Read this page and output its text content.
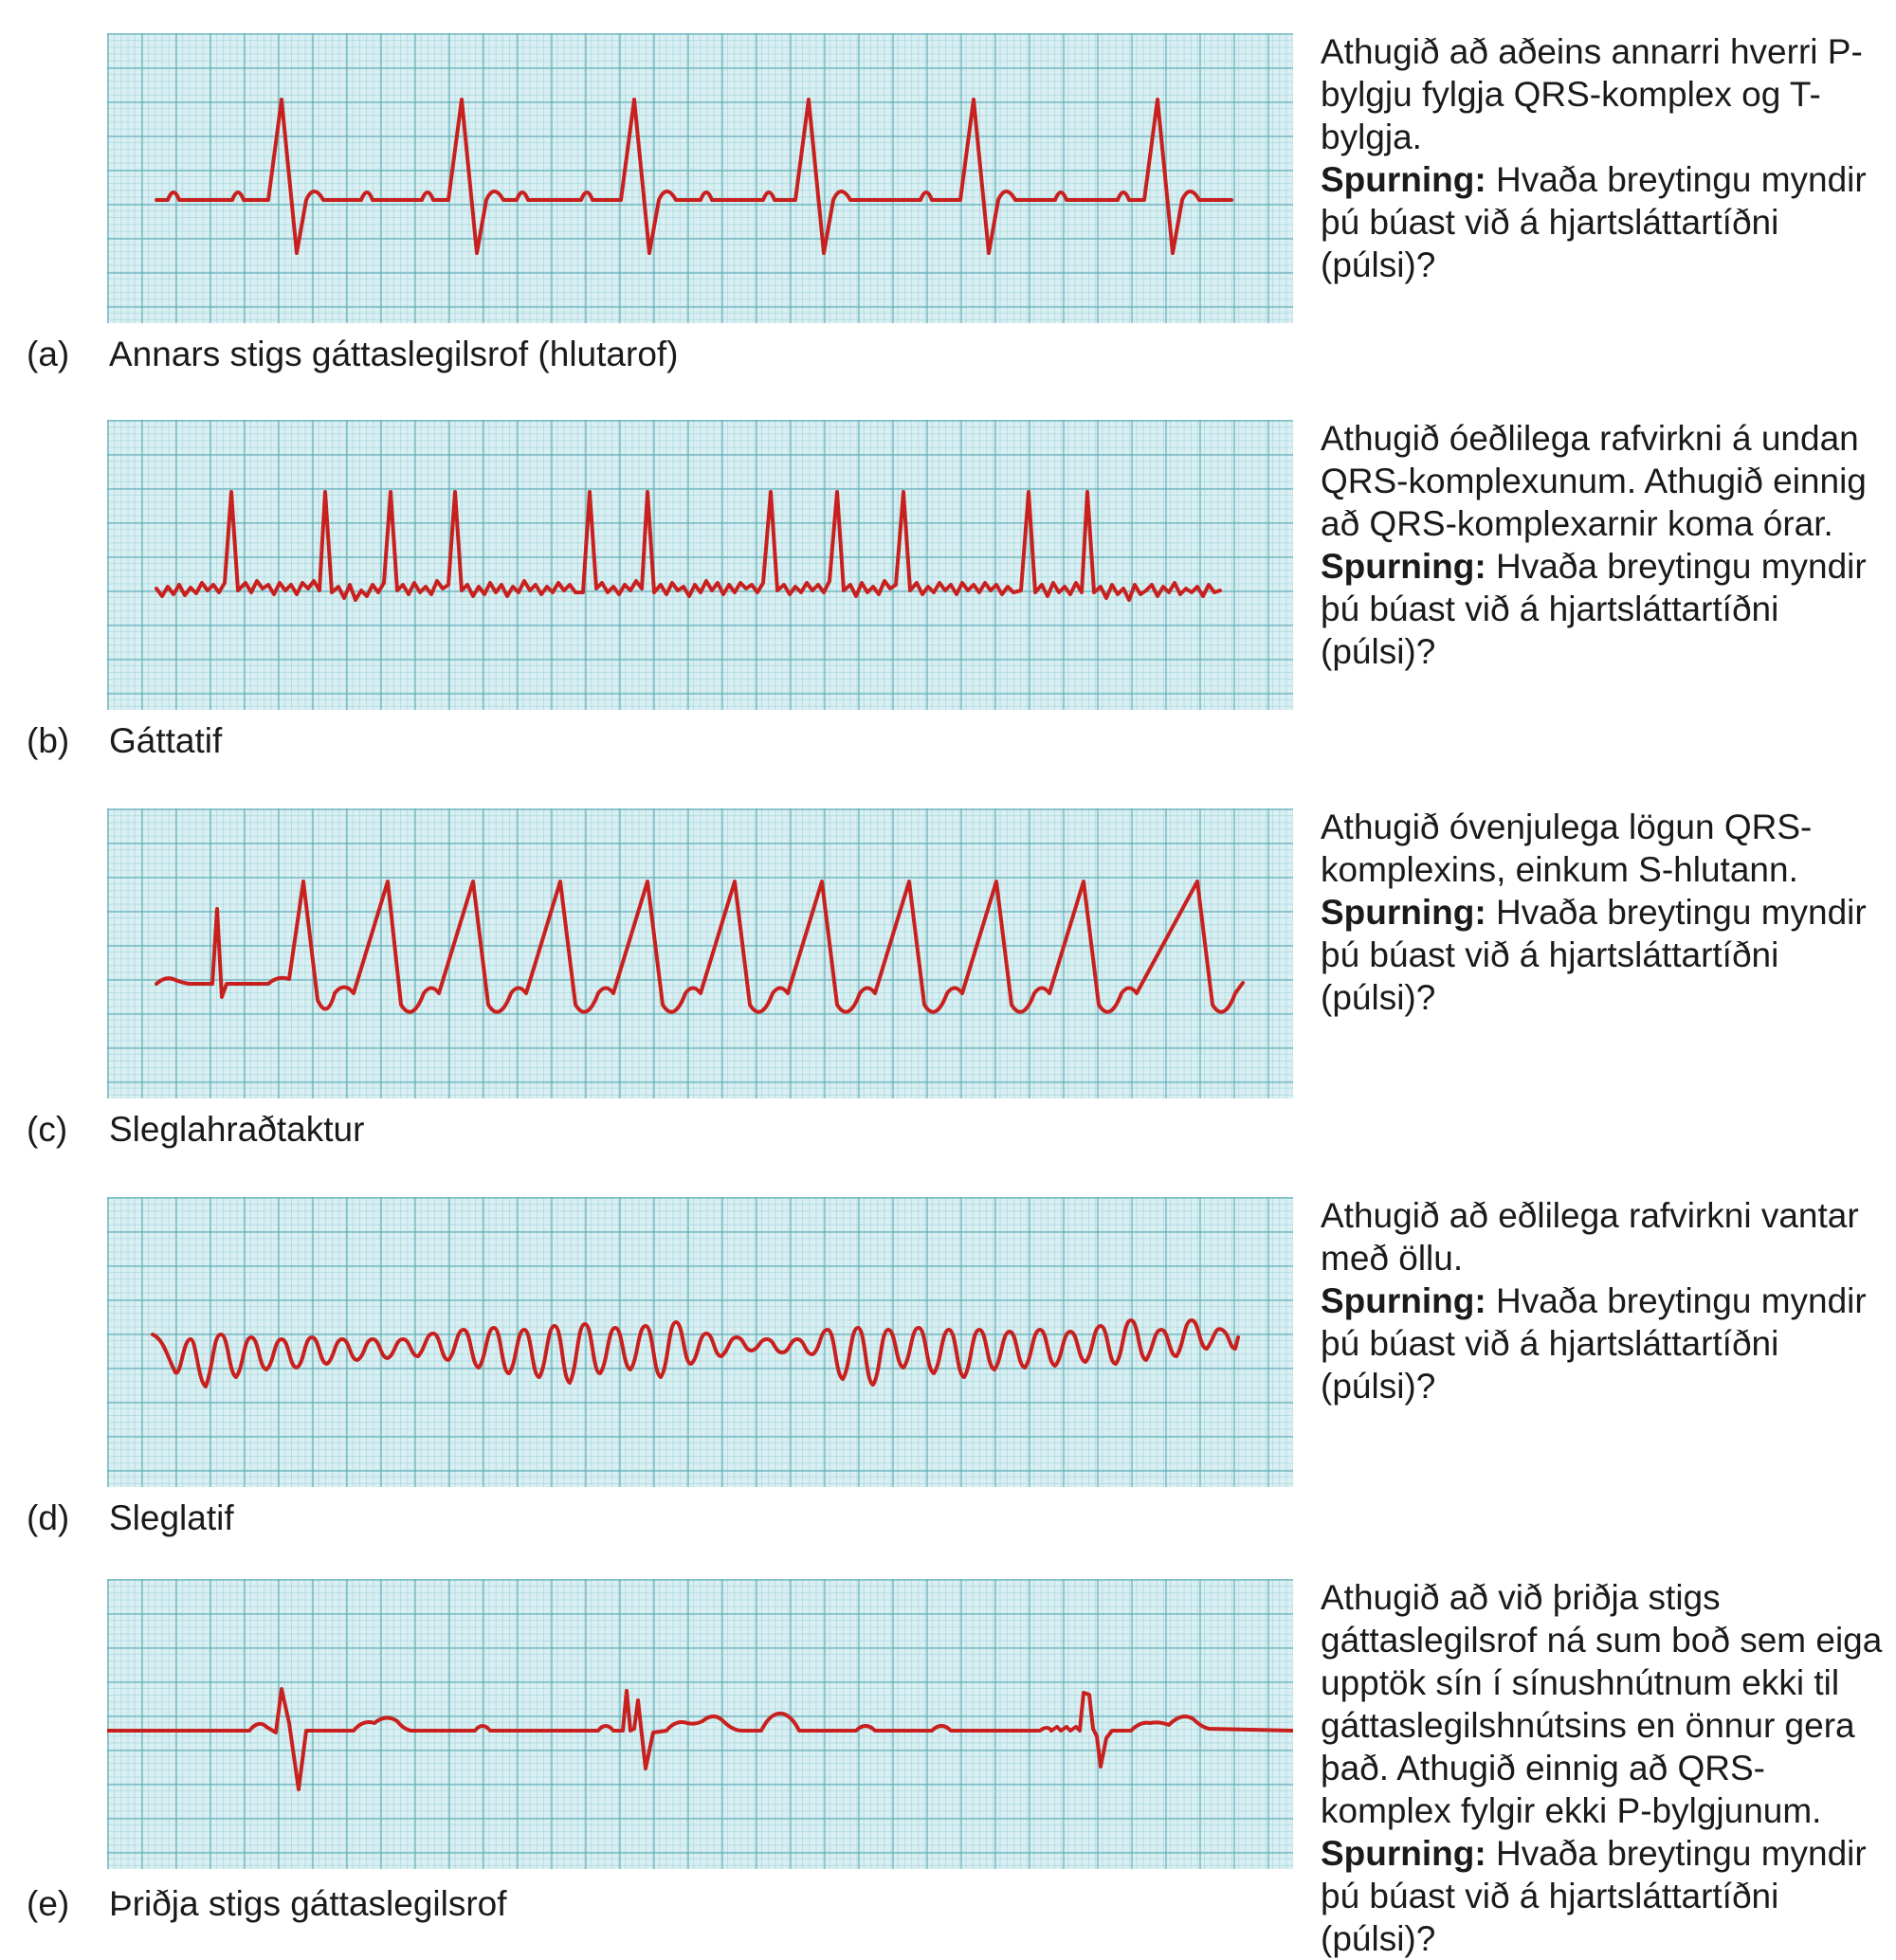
(a) Annars stigs gáttaslegilsrof (hlutarof)
Athugið að aðeins annarri hverri P-bylgju fylgja QRS-komplex og T-bylgja.
Spurning: Hvaða breytingu myndir þú búast við á hjartsláttartíðni (púlsi)?
(b) Gáttatif
Athugið óeðlilega rafvirkni á undan QRS-komplexunum. Athugið einnig að QRS-komplexarnir koma órar.
Spurning: Hvaða breytingu myndir þú búast við á hjartsláttartíðni (púlsi)?
(c) Sleglahraðtaktur
Athugið óvenjulega lögun QRS-komplexins, einkum S-hlutann.
Spurning: Hvaða breytingu myndir þú búast við á hjartsláttartíðni (púlsi)?
(d) Sleglatif
Athugið að eðlilega rafvirkni vantar með öllu.
Spurning: Hvaða breytingu myndir þú búast við á hjartsláttartíðni (púlsi)?
(e) Þriðja stigs gáttaslegilsrof
Athugið að við þriðja stigs gáttaslegilsrof ná sum boð sem eiga upptök sín í sínushnútnum ekki til gáttaslegilshnútsins en önnur gera það. Athugið einnig að QRS-komplex fylgir ekki P-bylgjunum.
Spurning: Hvaða breytingu myndir þú búast við á hjartsláttartíðni (púlsi)?
